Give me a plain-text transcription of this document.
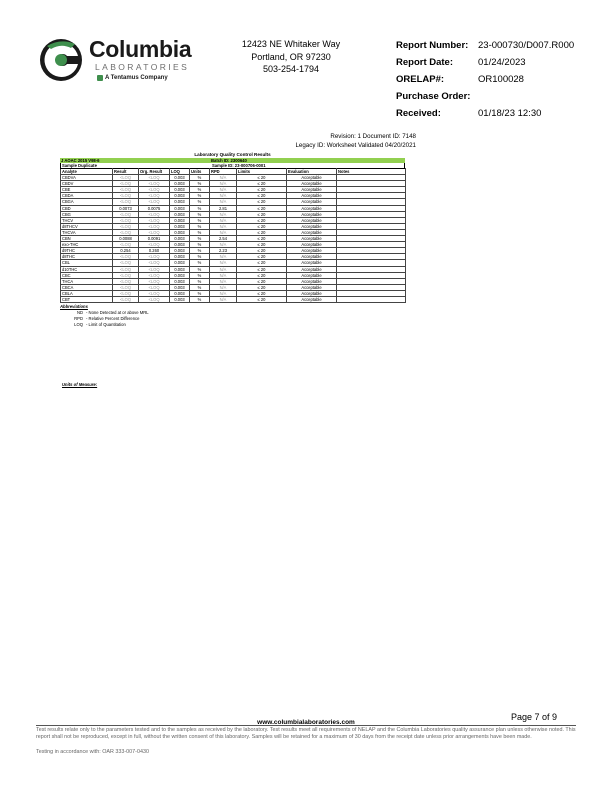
Columbia
LABORATORIES
A Tentamus Company
12423 NE Whitaker Way
Portland, OR 97230
503-254-1794
Report Number:	23-000730/D007.R000
Report Date:	01/24/2023
ORELAP#:	OR100028
Purchase Order:
Received:	01/18/23 12:30
Revision: 1 Document ID: 7148
Legacy ID: Worksheet Validated 04/20/2021
Laboratory Quality Control Results
J AOAC 2015 V98-6	Batch ID: 2300640
Sample Duplicate	Sample ID: 23-000706-0001
Analyte	Result	Org. Result	LOQ	Units	RPD	Limits	Evaluation	Notes
CBDVA	<LOQ	<LOQ	0.003	%	N/A	≤ 20	Acceptable	
CBDV	<LOQ	<LOQ	0.003	%	N/A	≤ 20	Acceptable	
CBE	<LOQ	<LOQ	0.003	%	N/A	≤ 20	Acceptable	
CBDA	<LOQ	<LOQ	0.003	%	N/A	≤ 20	Acceptable	
CBGA	<LOQ	<LOQ	0.003	%	N/A	≤ 20	Acceptable	
CBD	0.0073	0.0075	0.003	%	2.81	≤ 20	Acceptable	
CBG	<LOQ	<LOQ	0.003	%	N/A	≤ 20	Acceptable	
THCV	<LOQ	<LOQ	0.003	%	N/A	≤ 20	Acceptable	
d8THCV	<LOQ	<LOQ	0.003	%	N/A	≤ 20	Acceptable	
THCVA	<LOQ	<LOQ	0.003	%	N/A	≤ 20	Acceptable	
CBN	0.0088	0.0091	0.003	%	2.54	≤ 20	Acceptable	
exo-THC	<LOQ	<LOQ	0.003	%	N/A	≤ 20	Acceptable	
d9THC	0.254	0.260	0.003	%	2.23	≤ 20	Acceptable	
d8THC	<LOQ	<LOQ	0.003	%	N/A	≤ 20	Acceptable	
CBL	<LOQ	<LOQ	0.003	%	N/A	≤ 20	Acceptable	
d10THC	<LOQ	<LOQ	0.003	%	N/A	≤ 20	Acceptable	
CBC	<LOQ	<LOQ	0.003	%	N/A	≤ 20	Acceptable	
THCA	<LOQ	<LOQ	0.003	%	N/A	≤ 20	Acceptable	
CBCA	<LOQ	<LOQ	0.003	%	N/A	≤ 20	Acceptable	
CBLA	<LOQ	<LOQ	0.003	%	N/A	≤ 20	Acceptable	
CBT	<LOQ	<LOQ	0.003	%	N/A	≤ 20	Acceptable	
Abbreviations
ND - None Detected at or above MRL
RPD - Relative Percent Difference
LOQ - Limit of Quantitation
Units of Measure:
Page 7 of 9
www.columbialaboratories.com
Test results relate only to the parameters tested and to the samples as received by the laboratory. Test results meet all requirements of NELAP and the Columbia Laboratories quality assurance plan unless otherwise noted. This report shall not be reproduced, except in full, without the written consent of this laboratory. Samples will be retained for a maximum of 30 days from the receipt date unless prior arrangements have been made.
Testing in accordance with: OAR 333-007-0430
